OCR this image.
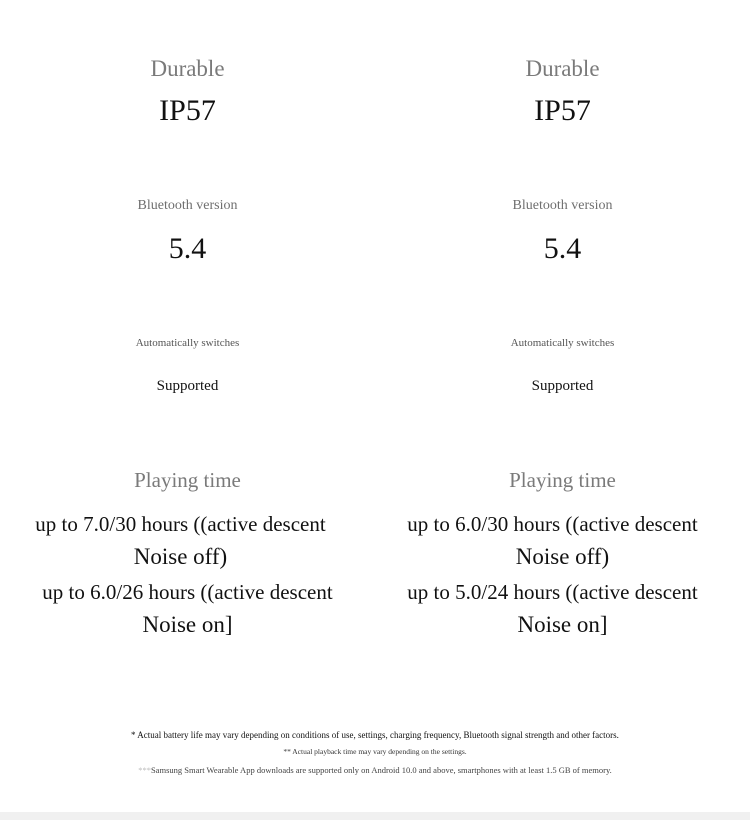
Durable

IP57

Bluetooth version

5.4

Automatically switches

Supported

Playing time

up to 7.0/30 hours ((active descent

Noise off)

up to 6.0/26 hours ((active descent

Noise on]

Durable

IP57

Bluetooth version

5.4

Automatically switches

Supported

Playing time

up to 6.0/30 hours ((active descent

Noise off)

up to 5.0/24 hours ((active descent

Noise on]

* Actual battery life may vary depending on conditions of use, settings, charging frequency, Bluetooth signal strength and other factors.

** Actual playback time may vary depending on the settings.

***Samsung Smart Wearable App downloads are supported only on Android 10.0 and above, smartphones with at least 1.5 GB of memory.
